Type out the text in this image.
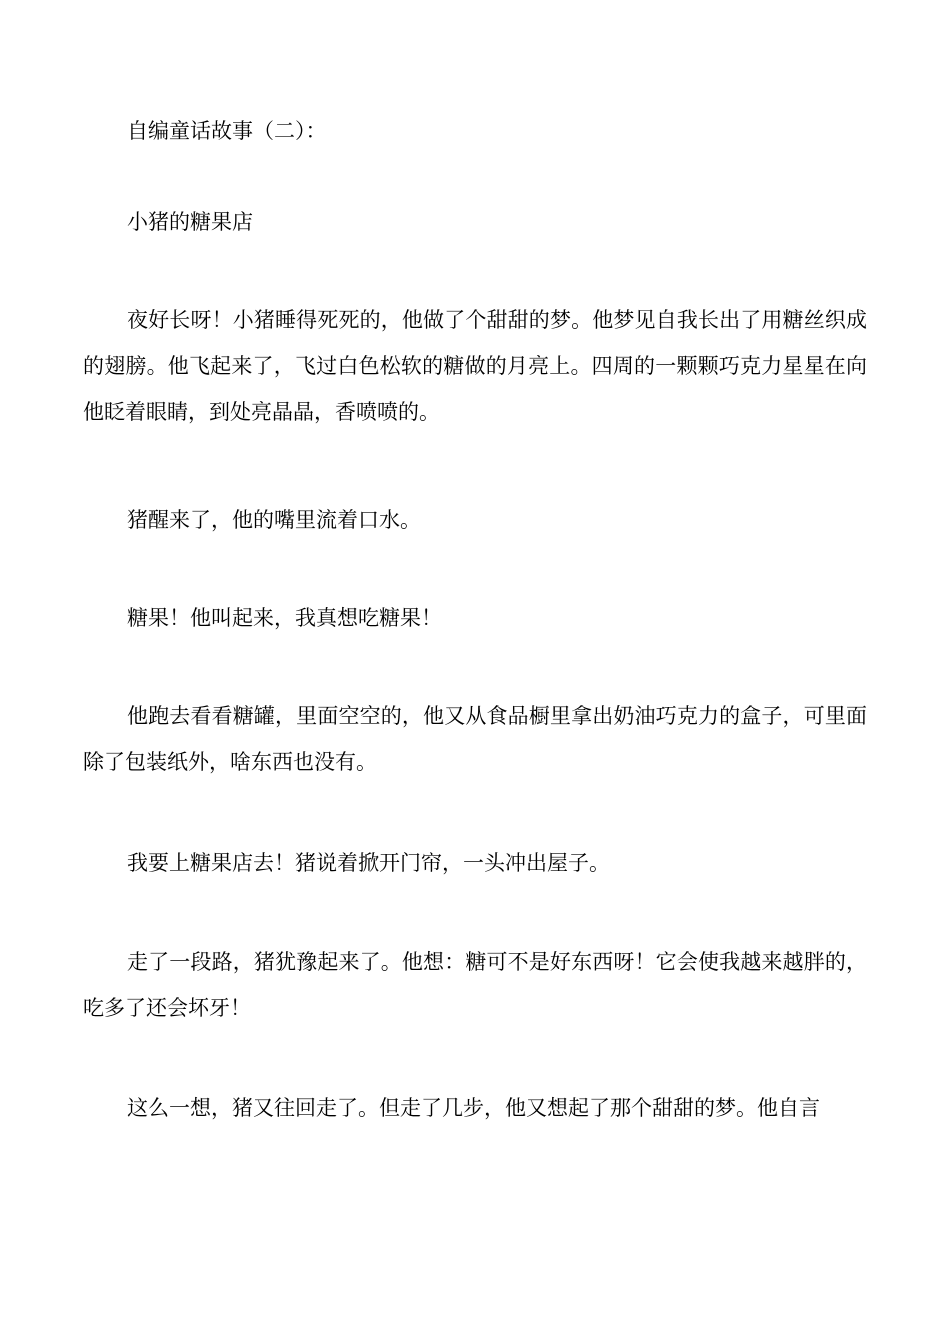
自编童话故事（二）：

小猪的糖果店

夜好长呀！小猪睡得死死的，他做了个甜甜的梦。他梦见自我长出了用糖丝织成的翅膀。他飞起来了，飞过白色松软的糖做的月亮上。四周的一颗颗巧克力星星在向他眨着眼睛，到处亮晶晶，香喷喷的。

猪醒来了，他的嘴里流着口水。

糖果！他叫起来，我真想吃糖果！

他跑去看看糖罐，里面空空的，他又从食品橱里拿出奶油巧克力的盒子，可里面除了包装纸外，啥东西也没有。

我要上糖果店去！猪说着掀开门帘，一头冲出屋子。

走了一段路，猪犹豫起来了。他想：糖可不是好东西呀！它会使我越来越胖的，吃多了还会坏牙！

这么一想，猪又往回走了。但走了几步，他又想起了那个甜甜的梦。他自言
